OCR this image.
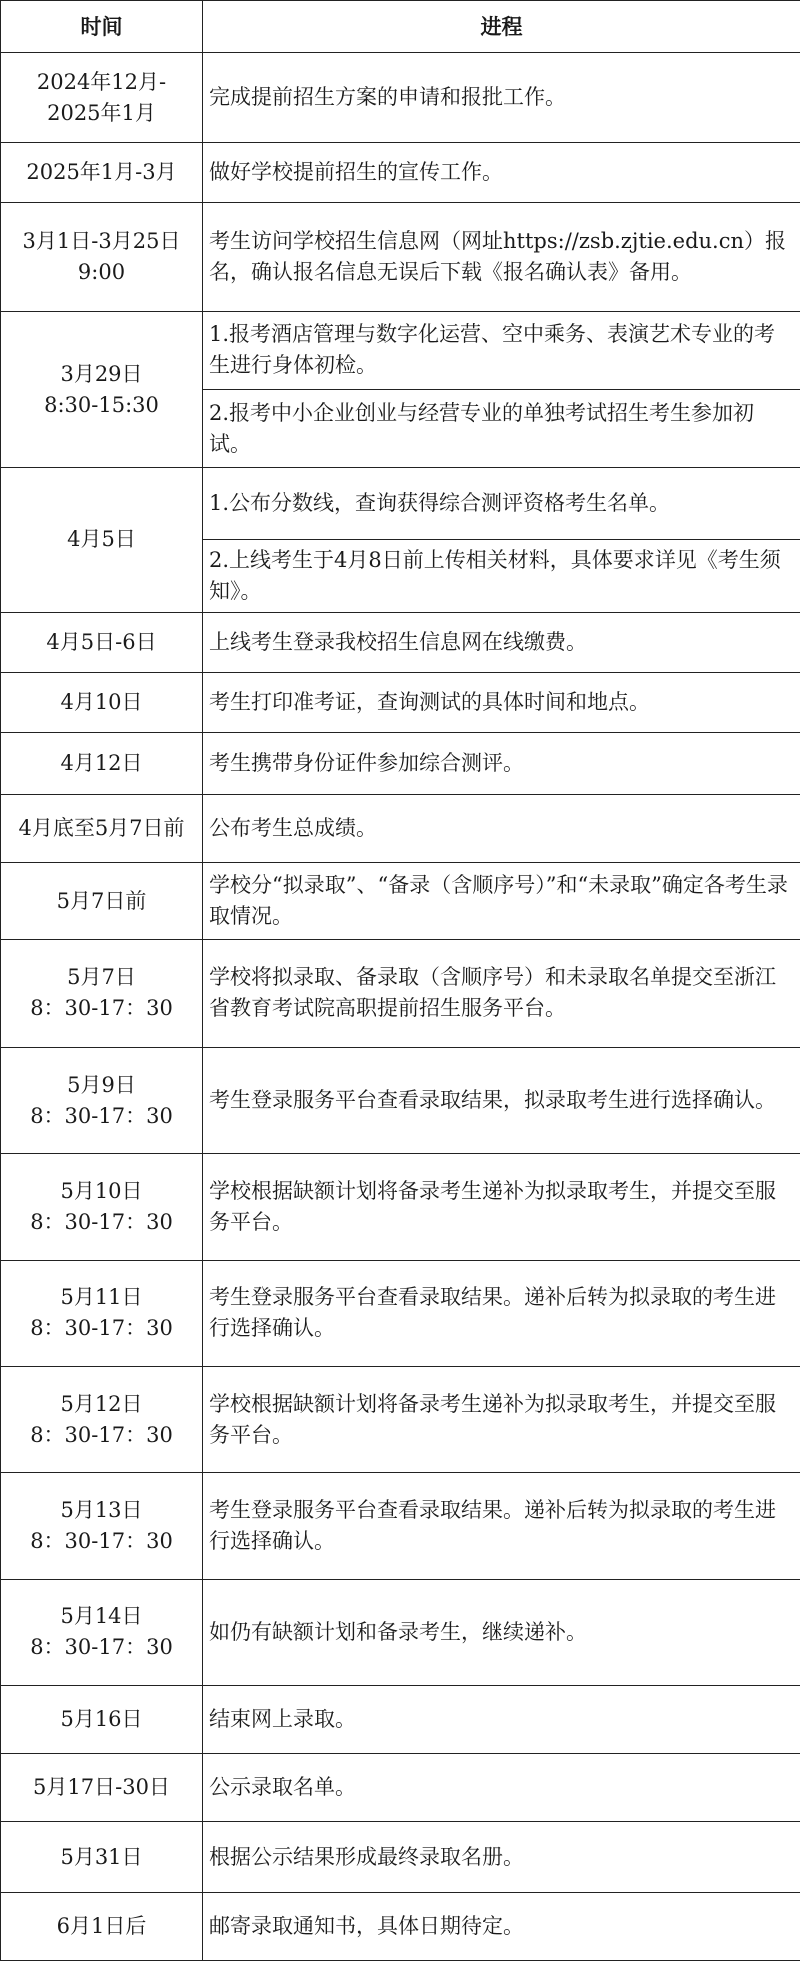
时间	进程

2024年12月-
2025年1月	完成提前招生方案的申请和报批工作。

2025年1月-3月	做好学校提前招生的宣传工作。

3月1日-3月25日
9:00	考生访问学校招生信息网（网址https://zsb.zjtie.edu.cn）报名，确认报名信息无误后下载《报名确认表》备用。

3月29日
8:30-15:30	1.报考酒店管理与数字化运营、空中乘务、表演艺术专业的考生进行身体初检。
	2.报考中小企业创业与经营专业的单独考试招生考生参加初试。

4月5日	1.公布分数线，查询获得综合测评资格考生名单。
	2.上线考生于4月8日前上传相关材料，具体要求详见《考生须知》。

4月5日-6日	上线考生登录我校招生信息网在线缴费。

4月10日	考生打印准考证，查询测试的具体时间和地点。

4月12日	考生携带身份证件参加综合测评。

4月底至5月7日前	公布考生总成绩。

5月7日前	学校分“拟录取”、“备录（含顺序号）”和“未录取”确定各考生录取情况。

5月7日
8：30-17：30	学校将拟录取、备录取（含顺序号）和未录取名单提交至浙江省教育考试院高职提前招生服务平台。

5月9日
8：30-17：30	考生登录服务平台查看录取结果，拟录取考生进行选择确认。

5月10日
8：30-17：30	学校根据缺额计划将备录考生递补为拟录取考生，并提交至服务平台。

5月11日
8：30-17：30	考生登录服务平台查看录取结果。递补后转为拟录取的考生进行选择确认。

5月12日
8：30-17：30	学校根据缺额计划将备录考生递补为拟录取考生，并提交至服务平台。

5月13日
8：30-17：30	考生登录服务平台查看录取结果。递补后转为拟录取的考生进行选择确认。

5月14日
8：30-17：30	如仍有缺额计划和备录考生，继续递补。

5月16日	结束网上录取。

5月17日-30日	公示录取名单。

5月31日	根据公示结果形成最终录取名册。

6月1日后	邮寄录取通知书，具体日期待定。
